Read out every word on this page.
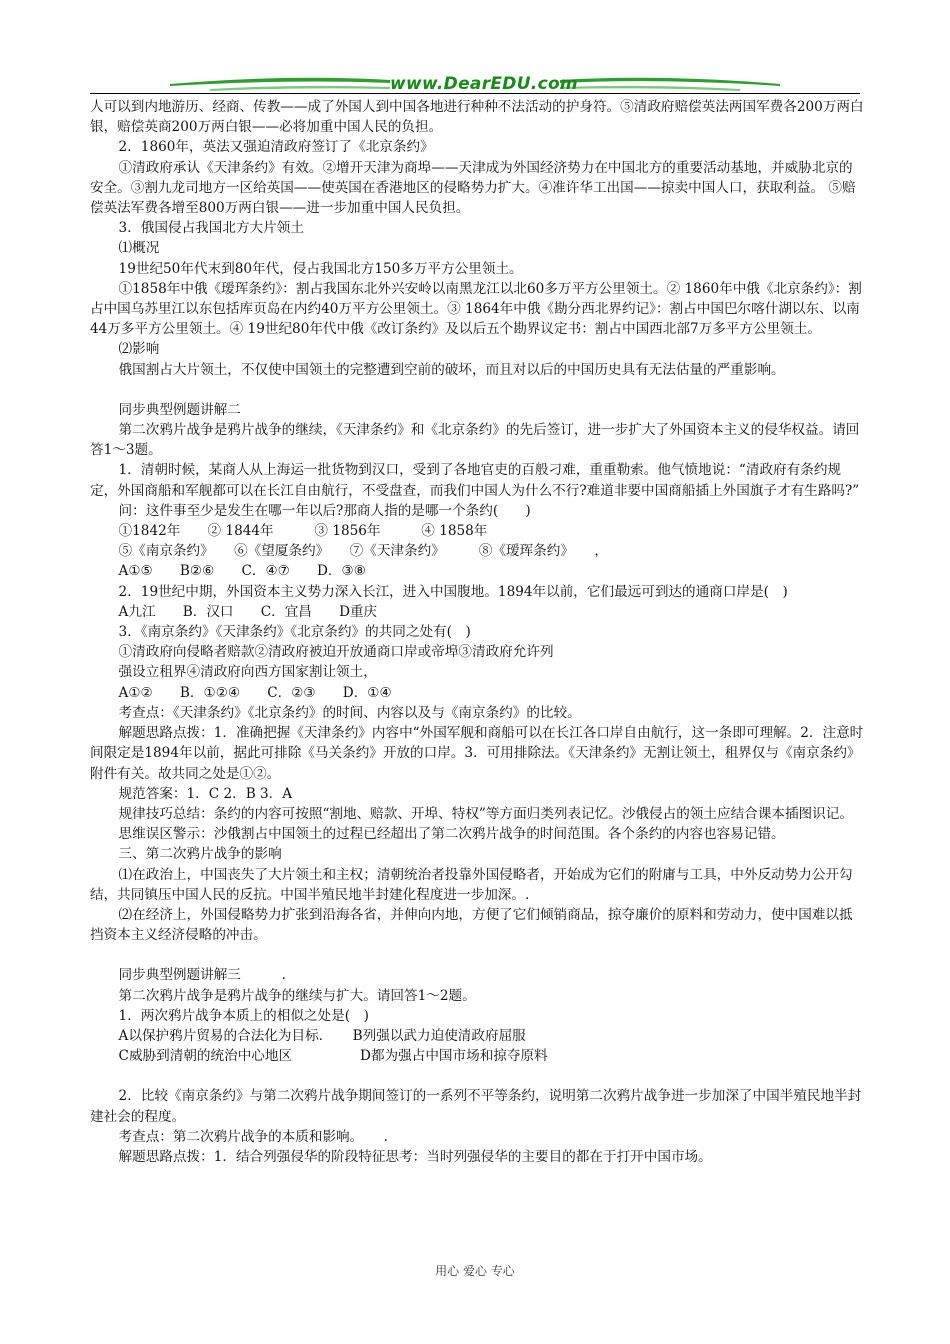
www.DearEDU.com

人可以到内地游历、经商、传教——成了外国人到中国各地进行种种不法活动的护身符。⑤清政府赔偿英法两国军费各200万两白银，赔偿英商200万两白银——必将加重中国人民的负担。

2．1860年，英法又强迫清政府签订了《北京条约》

①清政府承认《天津条约》有效。②增开天津为商埠——天津成为外国经济势力在中国北方的重要活动基地，并威胁北京的安全。③割九龙司地方一区给英国——使英国在香港地区的侵略势力扩大。④准许华工出国——掠卖中国人口，获取利益。 ⑤赔偿英法军费各增至800万两白银——进一步加重中国人民负担。

3．俄国侵占我国北方大片领土

⑴概况

19世纪50年代末到80年代，侵占我国北方150多万平方公里领土。

①1858年中俄《瑷珲条约》：割占我国东北外兴安岭以南黑龙江以北60多万平方公里领土。② 1860年中俄《北京条约》：割占中国乌苏里江以东包括库页岛在内约40万平方公里领土。③ 1864年中俄《勘分西北界约记》：割占中国巴尔喀什湖以东、以南44万多平方公里领土。④ 19世纪80年代中俄《改订条约》及以后五个勘界议定书：割占中国西北部7万多平方公里领土。

⑵影响

俄国割占大片领土，不仅使中国领土的完整遭到空前的破坏，而且对以后的中国历史具有无法估量的严重影响。

同步典型例题讲解二

第二次鸦片战争是鸦片战争的继续，《天津条约》和《北京条约》的先后签订，进一步扩大了外国资本主义的侵华权益。请回答1～3题。

1．清朝时候，某商人从上海运一批货物到汉口，受到了各地官吏的百般刁难，重重勒索。他气愤地说：“清政府有条约规定，外国商船和军舰都可以在长江自由航行，不受盘查，而我们中国人为什么不行?难道非要中国商船插上外国旗子才有生路吗?”

问：这件事至少是发生在哪一年以后?那商人指的是哪一个条约(　　)

①1842年　　② 1844年　　　③ 1856年　　　④ 1858年

⑤《南京条约》　　⑥《望厦条约》　　⑦《天津条约》　　　⑧《瑷珲条约》　　，

A①⑤　　B②⑥　　C．④⑦　　D．③⑧

2．19世纪中期，外国资本主义势力深入长江，进入中国腹地。1894年以前，它们最远可到达的通商口岸是(　)

A九江　　B．汉口　　C．宜昌　　D重庆

3．《南京条约》《天津条约》《北京条约》的共同之处有(　)

①清政府向侵略者赔款②清政府被迫开放通商口岸或帝埠③清政府允许列

强设立租界④清政府向西方国家割让领土，

A①②　　B．①②④　　C．②③　　D．①④

考查点：《天津条约》《北京条约》的时间、内容以及与《南京条约》的比较。

解题思路点拨：1．准确把握《天津条约》内容中“外国军舰和商船可以在长江各口岸自由航行，这一条即可理解。2．注意时间限定是1894年以前，据此可排除《马关条约》开放的口岸。3．可用排除法。《天津条约》无割让领土，租界仅与《南京条约》附件有关。故共同之处是①②。

规范答案：1．C 2．B 3．A

规律技巧总结：条约的内容可按照“割地、赔款、开埠、特权”等方面归类列表记忆。沙俄侵占的领土应结合课本插图识记。

思维误区警示：沙俄割占中国领土的过程已经超出了第二次鸦片战争的时间范围。各个条约的内容也容易记错。

三、第二次鸦片战争的影响

⑴在政治上，中国丧失了大片领土和主权；清朝统治者投靠外国侵略者，开始成为它们的附庸与工具，中外反动势力公开勾结，共同镇压中国人民的反抗。中国半殖民地半封建化程度进一步加深。.

⑵在经济上，外国侵略势力扩张到沿海各省，并伸向内地，方便了它们倾销商品，掠夺廉价的原料和劳动力，使中国难以抵挡资本主义经济侵略的冲击。

同步典型例题讲解三　　　.

第二次鸦片战争是鸦片战争的继续与扩大。请回答1～2题。

1．两次鸦片战争本质上的相似之处是(　)

A以保护鸦片贸易的合法化为目标．　　B列强以武力迫使清政府屈服

C威胁到清朝的统治中心地区　　　　　D都为强占中国市场和掠夺原料

2．比较《南京条约》与第二次鸦片战争期间签订的一系列不平等条约，说明第二次鸦片战争进一步加深了中国半殖民地半封建社会的程度。

考查点：第二次鸦片战争的本质和影响。　　.

解题思路点拨：1．结合列强侵华的阶段特征思考：当时列强侵华的主要目的都在于打开中国市场。

用心 爱心 专心
